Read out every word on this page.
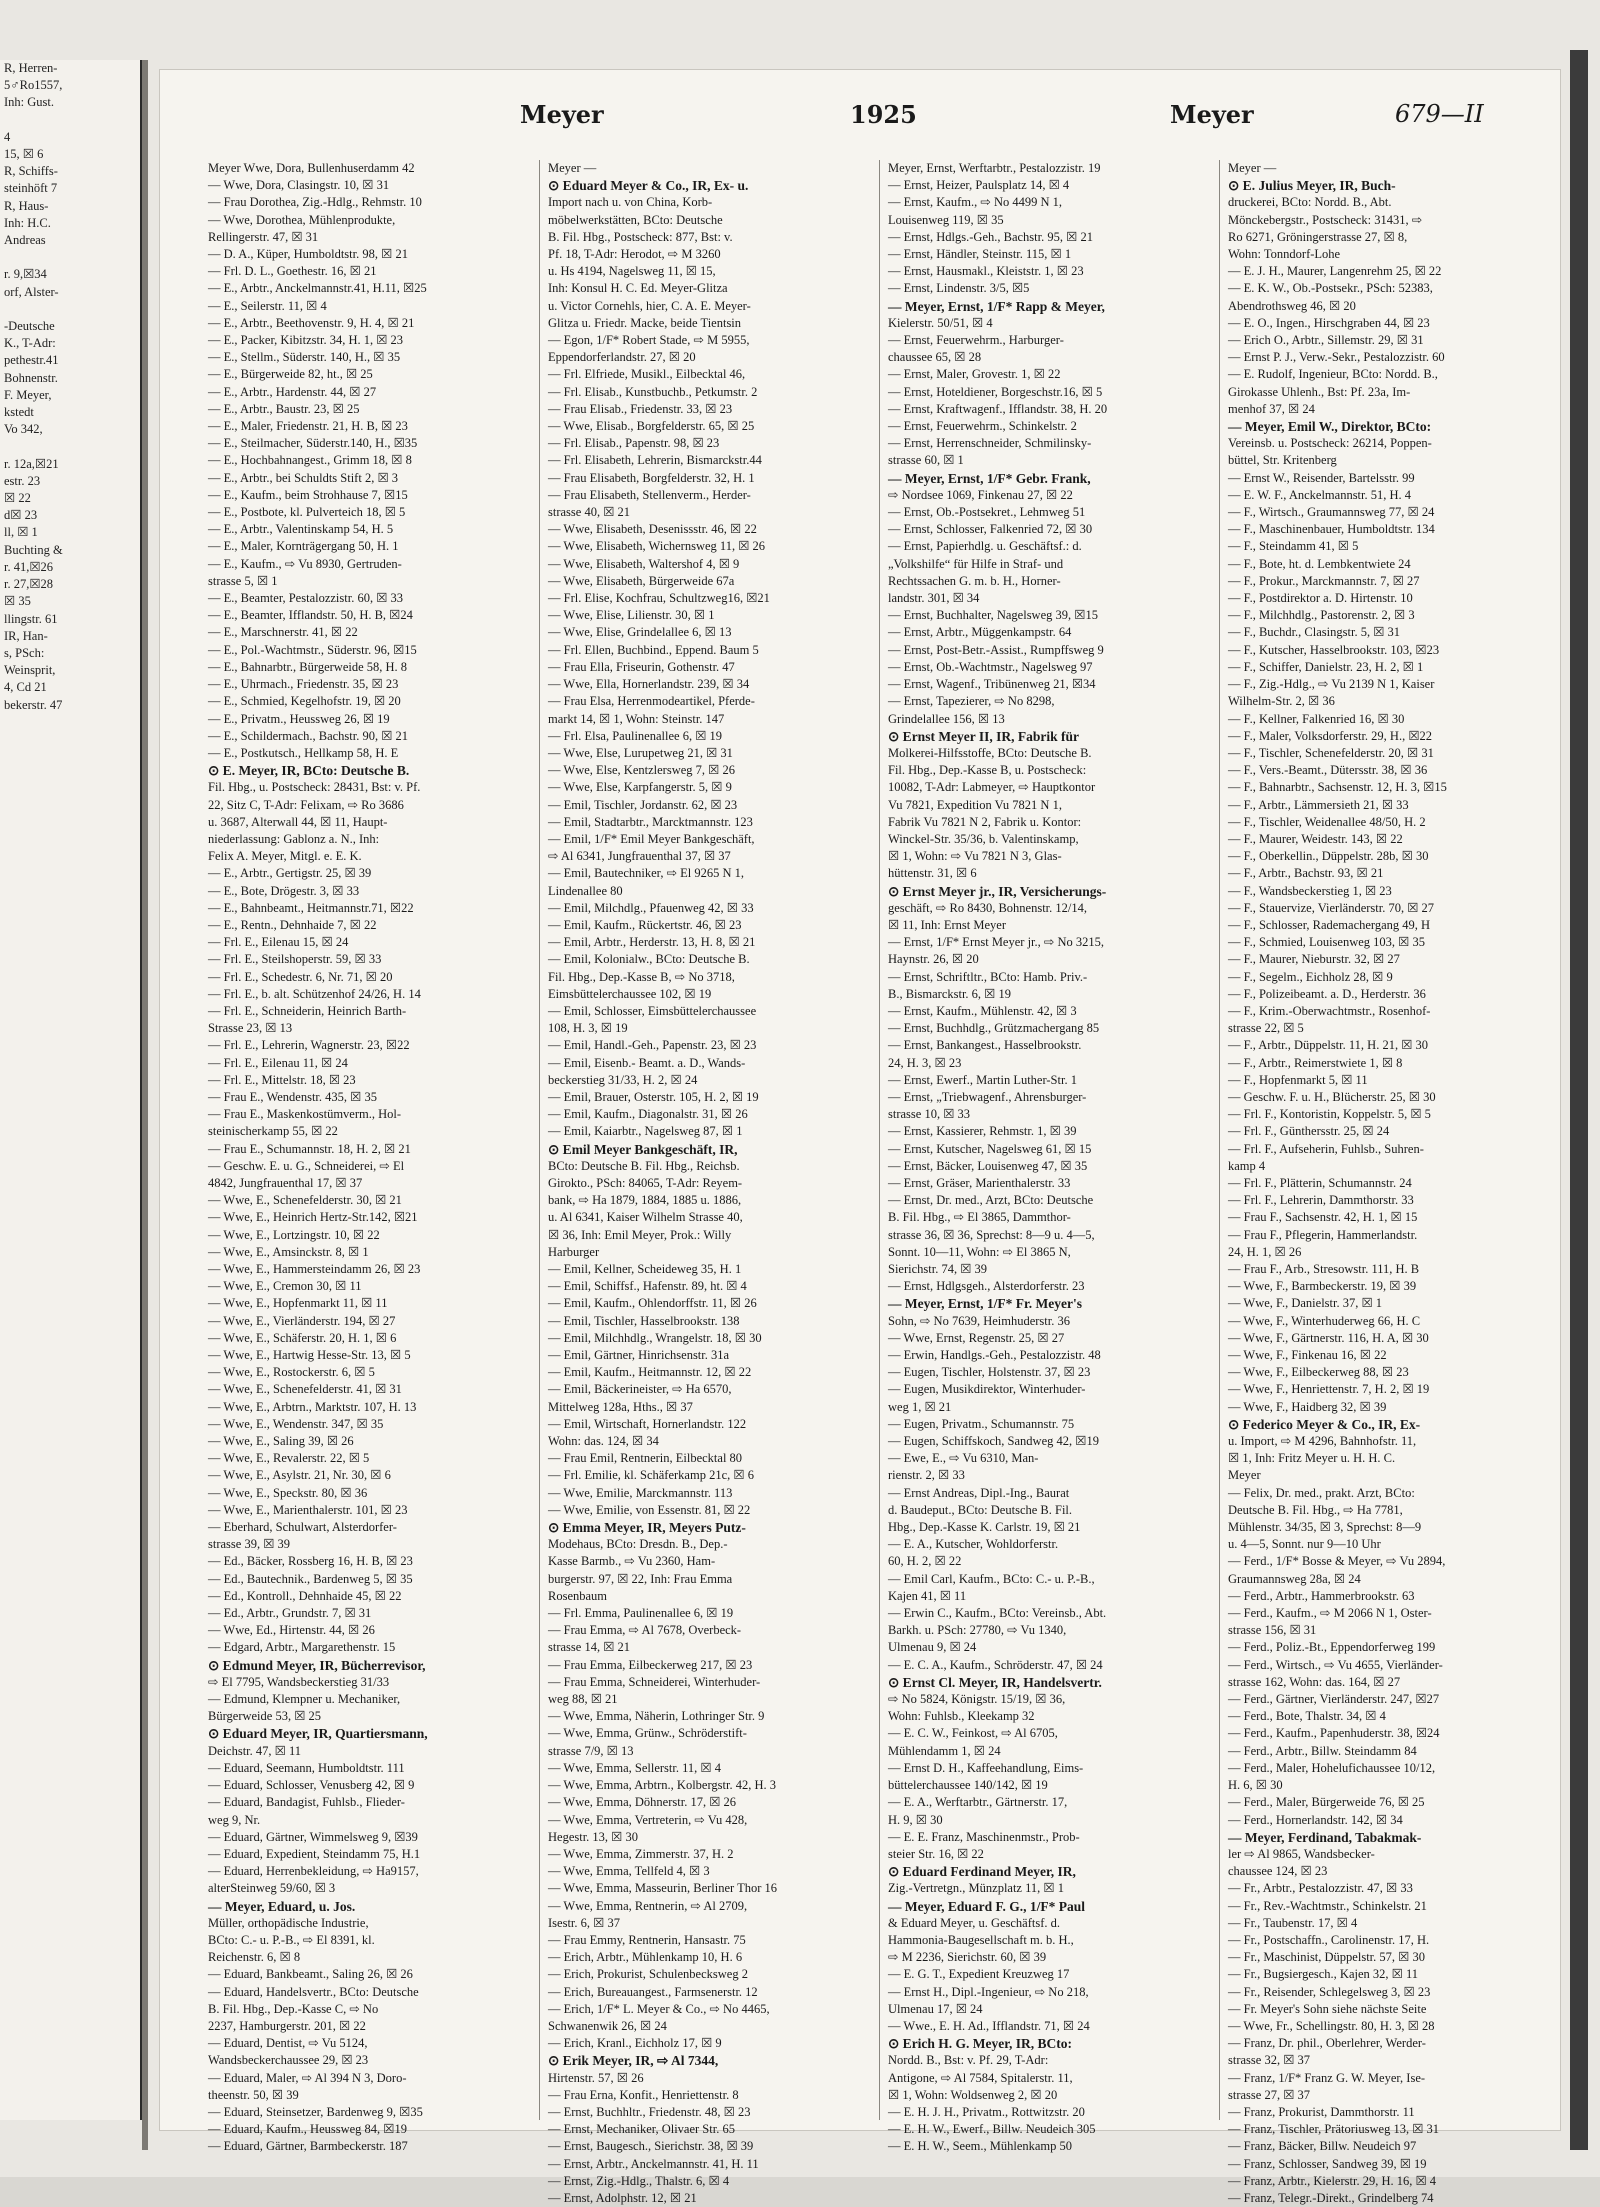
R, Herren-
5♂Ro1557,
Inh: Gust.

4
15, ☒ 6
R, Schiffs-
steinhöft 7
R, Haus-
Inh: H.C.
Andreas

r. 9,☒34
orf, Alster-

-Deutsche
K., T-Adr:
pethestr.41
Bohnenstr.
F. Meyer,
kstedt
Vo 342,

r. 12a,☒21
estr. 23
☒ 22
d☒ 23
ll, ☒ 1
Buchting &
r. 41,☒26
r. 27,☒28
☒ 35
llingstr. 61
IR, Han-
s, PSch:
Weinsprit,
4, Cd 21
bekerstr. 47
Meyer	1925	Meyer	679—II
Meyer Wwe, Dora, Bullenhuserdamm 42
— Wwe, Dora, Clasingstr. 10, ☒ 31
— Frau Dorothea, Zig.-Hdlg., Rehmstr. 10
— Wwe, Dorothea, Mühlenprodukte,
Rellingerstr. 47, ☒ 31
— D. A., Küper, Humboldtstr. 98, ☒ 21
— Frl. D. L., Goethestr. 16, ☒ 21
— E., Arbtr., Anckelmannstr.41, H.11, ☒25
— E., Seilerstr. 11, ☒ 4
— E., Arbtr., Beethovenstr. 9, H. 4, ☒ 21
— E., Packer, Kibitzstr. 34, H. 1, ☒ 23
— E., Stellm., Süderstr. 140, H., ☒ 35
— E., Bürgerweide 82, ht., ☒ 25
— E., Arbtr., Hardenstr. 44, ☒ 27
— E., Arbtr., Baustr. 23, ☒ 25
— E., Maler, Friedenstr. 21, H. B, ☒ 23
— E., Steilmacher, Süderstr.140, H., ☒35
— E., Hochbahnangest., Grimm 18, ☒ 8
— E., Arbtr., bei Schuldts Stift 2, ☒ 3
— E., Kaufm., beim Strohhause 7, ☒15
— E., Postbote, kl. Pulverteich 18, ☒ 5
— E., Arbtr., Valentinskamp 54, H. 5
— E., Maler, Kornträgergang 50, H. 1
— E., Kaufm., ⇨ Vu 8930, Gertruden-
strasse 5, ☒ 1
— E., Beamter, Pestalozzistr. 60, ☒ 33
— E., Beamter, Ifflandstr. 50, H. B, ☒24
— E., Marschnerstr. 41, ☒ 22
— E., Pol.-Wachtmstr., Süderstr. 96, ☒15
— E., Bahnarbtr., Bürgerweide 58, H. 8
— E., Uhrmach., Friedenstr. 35, ☒ 23
— E., Schmied, Kegelhofstr. 19, ☒ 20
— E., Privatm., Heussweg 26, ☒ 19
— E., Schildermach., Bachstr. 90, ☒ 21
— E., Postkutsch., Hellkamp 58, H. E
⊙ E. Meyer, IR, BCto: Deutsche B.
Fil. Hbg., u. Postscheck: 28431, Bst: v. Pf.
22, Sitz C, T-Adr: Felixam, ⇨ Ro 3686
u. 3687, Alterwall 44, ☒ 11, Haupt-
niederlassung: Gablonz a. N., Inh:
Felix A. Meyer, Mitgl. e. E. K.
— E., Arbtr., Gertigstr. 25, ☒ 39
— E., Bote, Drögestr. 3, ☒ 33
— E., Bahnbeamt., Heitmannstr.71, ☒22
— E., Rentn., Dehnhaide 7, ☒ 22
— Frl. E., Eilenau 15, ☒ 24
— Frl. E., Steilshoperstr. 59, ☒ 33
— Frl. E., Schedestr. 6, Nr. 71, ☒ 20
— Frl. E., b. alt. Schützenhof 24/26, H. 14
— Frl. E., Schneiderin, Heinrich Barth-
Strasse 23, ☒ 13
— Frl. E., Lehrerin, Wagnerstr. 23, ☒22
— Frl. E., Eilenau 11, ☒ 24
— Frl. E., Mittelstr. 18, ☒ 23
— Frau E., Wendenstr. 435, ☒ 35
— Frau E., Maskenkostümverm., Hol-
steinischerkamp 55, ☒ 22
— Frau E., Schumannstr. 18, H. 2, ☒ 21
— Geschw. E. u. G., Schneiderei, ⇨ El
4842, Jungfrauenthal 17, ☒ 37
— Wwe, E., Schenefelderstr. 30, ☒ 21
— Wwe, E., Heinrich Hertz-Str.142, ☒21
— Wwe, E., Lortzingstr. 10, ☒ 22
— Wwe, E., Amsinckstr. 8, ☒ 1
— Wwe, E., Hammersteindamm 26, ☒ 23
— Wwe, E., Cremon 30, ☒ 11
— Wwe, E., Hopfenmarkt 11, ☒ 11
— Wwe, E., Vierländerstr. 194, ☒ 27
— Wwe, E., Schäferstr. 20, H. 1, ☒ 6
— Wwe, E., Hartwig Hesse-Str. 13, ☒ 5
— Wwe, E., Rostockerstr. 6, ☒ 5
— Wwe, E., Schenefelderstr. 41, ☒ 31
— Wwe, E., Arbtrn., Marktstr. 107, H. 13
— Wwe, E., Wendenstr. 347, ☒ 35
— Wwe, E., Saling 39, ☒ 26
— Wwe, E., Revalerstr. 22, ☒ 5
— Wwe, E., Asylstr. 21, Nr. 30, ☒ 6
— Wwe, E., Speckstr. 80, ☒ 36
— Wwe, E., Marienthalerstr. 101, ☒ 23
— Eberhard, Schulwart, Alsterdorfer-
strasse 39, ☒ 39
— Ed., Bäcker, Rossberg 16, H. B, ☒ 23
— Ed., Bautechnik., Bardenweg 5, ☒ 35
— Ed., Kontroll., Dehnhaide 45, ☒ 22
— Ed., Arbtr., Grundstr. 7, ☒ 31
— Wwe, Ed., Hirtenstr. 44, ☒ 26
— Edgard, Arbtr., Margarethenstr. 15
⊙ Edmund Meyer, IR, Bücherrevisor,
⇨ El 7795, Wandsbeckerstieg 31/33
— Edmund, Klempner u. Mechaniker,
Bürgerweide 53, ☒ 25
⊙ Eduard Meyer, IR, Quartiersmann,
Deichstr. 47, ☒ 11
— Eduard, Seemann, Humboldtstr. 111
— Eduard, Schlosser, Venusberg 42, ☒ 9
— Eduard, Bandagist, Fuhlsb., Flieder-
weg 9, Nr.
— Eduard, Gärtner, Wimmelsweg 9, ☒39
— Eduard, Expedient, Steindamm 75, H.1
— Eduard, Herrenbekleidung, ⇨ Ha9157,
alterSteinweg 59/60, ☒ 3
— Meyer, Eduard, u. Jos.
Müller, orthopädische Industrie,
BCto: C.- u. P.-B., ⇨ El 8391, kl.
Reichenstr. 6, ☒ 8
— Eduard, Bankbeamt., Saling 26, ☒ 26
— Eduard, Handelsvertr., BCto: Deutsche
B. Fil. Hbg., Dep.-Kasse C, ⇨ No
2237, Hamburgerstr. 201, ☒ 22
— Eduard, Dentist, ⇨ Vu 5124,
Wandsbeckerchaussee 29, ☒ 23
— Eduard, Maler, ⇨ Al 394 N 3, Doro-
theenstr. 50, ☒ 39
— Eduard, Steinsetzer, Bardenweg 9, ☒35
— Eduard, Kaufm., Heussweg 84, ☒19
— Eduard, Gärtner, Barmbeckerstr. 187
Meyer —
⊙ Eduard Meyer & Co., IR, Ex- u.
Import nach u. von China, Korb-
möbelwerkstätten, BCto: Deutsche
B. Fil. Hbg., Postscheck: 877, Bst: v.
Pf. 18, T-Adr: Herodot, ⇨ M 3260
u. Hs 4194, Nagelsweg 11, ☒ 15,
Inh: Konsul H. C. Ed. Meyer-Glitza
u. Victor Cornehls, hier, C. A. E. Meyer-
Glitza u. Friedr. Macke, beide Tientsin
— Egon, 1/F* Robert Stade, ⇨ M 5955,
Eppendorferlandstr. 27, ☒ 20
— Frl. Elfriede, Musikl., Eilbecktal 46,
— Frl. Elisab., Kunstbuchb., Petkumstr. 2
— Frau Elisab., Friedenstr. 33, ☒ 23
— Wwe, Elisab., Borgfelderstr. 65, ☒ 25
— Frl. Elisab., Papenstr. 98, ☒ 23
— Frl. Elisabeth, Lehrerin, Bismarckstr.44
— Frau Elisabeth, Borgfelderstr. 32, H. 1
— Frau Elisabeth, Stellenverm., Herder-
strasse 40, ☒ 21
— Wwe, Elisabeth, Desenissstr. 46, ☒ 22
— Wwe, Elisabeth, Wichernsweg 11, ☒ 26
— Wwe, Elisabeth, Waltershof 4, ☒ 9
— Wwe, Elisabeth, Bürgerweide 67a
— Frl. Elise, Kochfrau, Schultzweg16, ☒21
— Wwe, Elise, Lilienstr. 30, ☒ 1
— Wwe, Elise, Grindelallee 6, ☒ 13
— Frl. Ellen, Buchbind., Eppend. Baum 5
— Frau Ella, Friseurin, Gothenstr. 47
— Wwe, Ella, Hornerlandstr. 239, ☒ 34
— Frau Elsa, Herrenmodeartikel, Pferde-
markt 14, ☒ 1, Wohn: Steinstr. 147
— Frl. Elsa, Paulinenallee 6, ☒ 19
— Wwe, Else, Lurupetweg 21, ☒ 31
— Wwe, Else, Kentzlersweg 7, ☒ 26
— Wwe, Else, Karpfangerstr. 5, ☒ 9
— Emil, Tischler, Jordanstr. 62, ☒ 23
— Emil, Stadtarbtr., Marcktmannstr. 123
— Emil, 1/F* Emil Meyer Bankgeschäft,
⇨ Al 6341, Jungfrauenthal 37, ☒ 37
— Emil, Bautechniker, ⇨ El 9265 N 1,
Lindenallee 80
— Emil, Milchdlg., Pfauenweg 42, ☒ 33
— Emil, Kaufm., Rückertstr. 46, ☒ 23
— Emil, Arbtr., Herderstr. 13, H. 8, ☒ 21
— Emil, Kolonialw., BCto: Deutsche B.
Fil. Hbg., Dep.-Kasse B, ⇨ No 3718,
Eimsbüttelerchaussee 102, ☒ 19
— Emil, Schlosser, Eimsbüttelerchaussee
108, H. 3, ☒ 19
— Emil, Handl.-Geh., Papenstr. 23, ☒ 23
— Emil, Eisenb.- Beamt. a. D., Wands-
beckerstieg 31/33, H. 2, ☒ 24
— Emil, Brauer, Osterstr. 105, H. 2, ☒ 19
— Emil, Kaufm., Diagonalstr. 31, ☒ 26
— Emil, Kaiarbtr., Nagelsweg 87, ☒ 1
⊙ Emil Meyer Bankgeschäft, IR,
BCto: Deutsche B. Fil. Hbg., Reichsb.
Girokto., PSch: 84065, T-Adr: Reyem-
bank, ⇨ Ha 1879, 1884, 1885 u. 1886,
u. Al 6341, Kaiser Wilhelm Strasse 40,
☒ 36, Inh: Emil Meyer, Prok.: Willy
Harburger
— Emil, Kellner, Scheideweg 35, H. 1
— Emil, Schiffsf., Hafenstr. 89, ht. ☒ 4
— Emil, Kaufm., Ohlendorffstr. 11, ☒ 26
— Emil, Tischler, Hasselbrookstr. 138
— Emil, Milchhdlg., Wrangelstr. 18, ☒ 30
— Emil, Gärtner, Hinrichsenstr. 31a
— Emil, Kaufm., Heitmannstr. 12, ☒ 22
— Emil, Bäckerineister, ⇨ Ha 6570,
Mittelweg 128a, Hths., ☒ 37
— Emil, Wirtschaft, Hornerlandstr. 122
Wohn: das. 124, ☒ 34
— Frau Emil, Rentnerin, Eilbecktal 80
— Frl. Emilie, kl. Schäferkamp 21c, ☒ 6
— Wwe, Emilie, Marckmannstr. 113
— Wwe, Emilie, von Essenstr. 81, ☒ 22
⊙ Emma Meyer, IR, Meyers Putz-
Modehaus, BCto: Dresdn. B., Dep.-
Kasse Barmb., ⇨ Vu 2360, Ham-
burgerstr. 97, ☒ 22, Inh: Frau Emma
Rosenbaum
— Frl. Emma, Paulinenallee 6, ☒ 19
— Frau Emma, ⇨ Al 7678, Overbeck-
strasse 14, ☒ 21
— Frau Emma, Eilbeckerweg 217, ☒ 23
— Frau Emma, Schneiderei, Winterhuder-
weg 88, ☒ 21
— Wwe, Emma, Näherin, Lothringer Str. 9
— Wwe, Emma, Grünw., Schröderstift-
strasse 7/9, ☒ 13
— Wwe, Emma, Sellerstr. 11, ☒ 4
— Wwe, Emma, Arbtrn., Kolbergstr. 42, H. 3
— Wwe, Emma, Döhnerstr. 17, ☒ 26
— Wwe, Emma, Vertreterin, ⇨ Vu 428,
Hegestr. 13, ☒ 30
— Wwe, Emma, Zimmerstr. 37, H. 2
— Wwe, Emma, Tellfeld 4, ☒ 3
— Wwe, Emma, Masseurin, Berliner Thor 16
— Wwe, Emma, Rentnerin, ⇨ Al 2709,
Isestr. 6, ☒ 37
— Frau Emmy, Rentnerin, Hansastr. 75
— Erich, Arbtr., Mühlenkamp 10, H. 6
— Erich, Prokurist, Schulenbecksweg 2
— Erich, Bureauangest., Farmsenerstr. 12
— Erich, 1/F* L. Meyer & Co., ⇨ No 4465,
Schwanenwik 26, ☒ 24
— Erich, Kranl., Eichholz 17, ☒ 9
⊙ Erik Meyer, IR, ⇨ Al 7344,
Hirtenstr. 57, ☒ 26
— Frau Erna, Konfit., Henriettenstr. 8
— Ernst, Buchhltr., Friedenstr. 48, ☒ 23
— Ernst, Mechaniker, Olivaer Str. 65
— Ernst, Baugesch., Sierichstr. 38, ☒ 39
— Ernst, Arbtr., Anckelmannstr. 41, H. 11
— Ernst, Zig.-Hdlg., Thalstr. 6, ☒ 4
— Ernst, Adolphstr. 12, ☒ 21
Meyer, Ernst, Werftarbtr., Pestalozzistr. 19
— Ernst, Heizer, Paulsplatz 14, ☒ 4
— Ernst, Kaufm., ⇨ No 4499 N 1,
Louisenweg 119, ☒ 35
— Ernst, Hdlgs.-Geh., Bachstr. 95, ☒ 21
— Ernst, Händler, Steinstr. 115, ☒ 1
— Ernst, Hausmakl., Kleiststr. 1, ☒ 23
— Ernst, Lindenstr. 3/5, ☒5
— Meyer, Ernst, 1/F* Rapp & Meyer,
Kielerstr. 50/51, ☒ 4
— Ernst, Feuerwehrm., Harburger-
chaussee 65, ☒ 28
— Ernst, Maler, Grovestr. 1, ☒ 22
— Ernst, Hoteldiener, Borgeschstr.16, ☒ 5
— Ernst, Kraftwagenf., Ifflandstr. 38, H. 20
— Ernst, Feuerwehrm., Schinkelstr. 2
— Ernst, Herrenschneider, Schmilinsky-
strasse 60, ☒ 1
— Meyer, Ernst, 1/F* Gebr. Frank,
⇨ Nordsee 1069, Finkenau 27, ☒ 22
— Ernst, Ob.-Postsekret., Lehmweg 51
— Ernst, Schlosser, Falkenried 72, ☒ 30
— Ernst, Papierhdlg. u. Geschäftsf.: d.
„Volkshilfe“ für Hilfe in Straf- und
Rechtssachen G. m. b. H., Horner-
landstr. 301, ☒ 34
— Ernst, Buchhalter, Nagelsweg 39, ☒15
— Ernst, Arbtr., Müggenkampstr. 64
— Ernst, Post-Betr.-Assist., Rumpffsweg 9
— Ernst, Ob.-Wachtmstr., Nagelsweg 97
— Ernst, Wagenf., Tribünenweg 21, ☒34
— Ernst, Tapezierer, ⇨ No 8298,
Grindelallee 156, ☒ 13
⊙ Ernst Meyer II, IR, Fabrik für
Molkerei-Hilfsstoffe, BCto: Deutsche B.
Fil. Hbg., Dep.-Kasse B, u. Postscheck:
10082, T-Adr: Labmeyer, ⇨ Hauptkontor
Vu 7821, Expedition Vu 7821 N 1,
Fabrik Vu 7821 N 2, Fabrik u. Kontor:
Winckel-Str. 35/36, b. Valentinskamp,
☒ 1, Wohn: ⇨ Vu 7821 N 3, Glas-
hüttenstr. 31, ☒ 6
⊙ Ernst Meyer jr., IR, Versicherungs-
geschäft, ⇨ Ro 8430, Bohnenstr. 12/14,
☒ 11, Inh: Ernst Meyer
— Ernst, 1/F* Ernst Meyer jr., ⇨ No 3215,
Haynstr. 26, ☒ 20
— Ernst, Schriftltr., BCto: Hamb. Priv.-
B., Bismarckstr. 6, ☒ 19
— Ernst, Kaufm., Mühlenstr. 42, ☒ 3
— Ernst, Buchhdlg., Grützmachergang 85
— Ernst, Bankangest., Hasselbrookstr.
24, H. 3, ☒ 23
— Ernst, Ewerf., Martin Luther-Str. 1
— Ernst, „Triebwagenf., Ahrensburger-
strasse 10, ☒ 33
— Ernst, Kassierer, Rehmstr. 1, ☒ 39
— Ernst, Kutscher, Nagelsweg 61, ☒ 15
— Ernst, Bäcker, Louisenweg 47, ☒ 35
— Ernst, Gräser, Marienthalerstr. 33
— Ernst, Dr. med., Arzt, BCto: Deutsche
B. Fil. Hbg., ⇨ El 3865, Dammthor-
strasse 36, ☒ 36, Sprechst: 8—9 u. 4—5,
Sonnt. 10—11, Wohn: ⇨ El 3865 N,
Sierichstr. 74, ☒ 39
— Ernst, Hdlgsgeh., Alsterdorferstr. 23
— Meyer, Ernst, 1/F* Fr. Meyer's
Sohn, ⇨ No 7639, Heimhuderstr. 36
— Wwe, Ernst, Regenstr. 25, ☒ 27
— Erwin, Handlgs.-Geh., Pestalozzistr. 48
— Eugen, Tischler, Holstenstr. 37, ☒ 23
— Eugen, Musikdirektor, Winterhuder-
weg 1, ☒ 21
— Eugen, Privatm., Schumannstr. 75
— Eugen, Schiffskoch, Sandweg 42, ☒19
— Ewe, E., ⇨ Vu 6310, Man-
rienstr. 2, ☒ 33
— Ernst Andreas, Dipl.-Ing., Baurat
d. Baudeput., BCto: Deutsche B. Fil.
Hbg., Dep.-Kasse K. Carlstr. 19, ☒ 21
— E. A., Kutscher, Wohldorferstr.
60, H. 2, ☒ 22
— Emil Carl, Kaufm., BCto: C.- u. P.-B.,
Kajen 41, ☒ 11
— Erwin C., Kaufm., BCto: Vereinsb., Abt.
Barkh. u. PSch: 27780, ⇨ Vu 1340,
Ulmenau 9, ☒ 24
— E. C. A., Kaufm., Schröderstr. 47, ☒ 24
⊙ Ernst Cl. Meyer, IR, Handelsvertr.
⇨ No 5824, Königstr. 15/19, ☒ 36,
Wohn: Fuhlsb., Kleekamp 32
— E. C. W., Feinkost, ⇨ Al 6705,
Mühlendamm 1, ☒ 24
— Ernst D. H., Kaffeehandlung, Eims-
büttelerchaussee 140/142, ☒ 19
— E. A., Werftarbtr., Gärtnerstr. 17,
H. 9, ☒ 30
— E. E. Franz, Maschinenmstr., Prob-
steier Str. 16, ☒ 22
⊙ Eduard Ferdinand Meyer, IR,
Zig.-Vertretgn., Münzplatz 11, ☒ 1
— Meyer, Eduard F. G., 1/F* Paul
& Eduard Meyer, u. Geschäftsf. d.
Hammonia-Baugesellschaft m. b. H.,
⇨ M 2236, Sierichstr. 60, ☒ 39
— E. G. T., Expedient Kreuzweg 17
— Ernst H., Dipl.-Ingenieur, ⇨ No 218,
Ulmenau 17, ☒ 24
— Wwe., E. H. Ad., Ifflandstr. 71, ☒ 24
⊙ Erich H. G. Meyer, IR, BCto:
Nordd. B., Bst: v. Pf. 29, T-Adr:
Antigone, ⇨ Al 7584, Spitalerstr. 11,
☒ 1, Wohn: Woldsenweg 2, ☒ 20
— E. H. J. H., Privatm., Rottwitzstr. 20
— E. H. W., Ewerf., Billw. Neudeich 305
— E. H. W., Seem., Mühlenkamp 50
Meyer —
⊙ E. Julius Meyer, IR, Buch-
druckerei, BCto: Nordd. B., Abt.
Mönckebergstr., Postscheck: 31431, ⇨
Ro 6271, Gröningerstrasse 27, ☒ 8,
Wohn: Tonndorf-Lohe
— E. J. H., Maurer, Langenrehm 25, ☒ 22
— E. K. W., Ob.-Postsekr., PSch: 52383,
Abendrothsweg 46, ☒ 20
— E. O., Ingen., Hirschgraben 44, ☒ 23
— Erich O., Arbtr., Sillemstr. 29, ☒ 31
— Ernst P. J., Verw.-Sekr., Pestalozzistr. 60
— E. Rudolf, Ingenieur, BCto: Nordd. B.,
Girokasse Uhlenh., Bst: Pf. 23a, Im-
menhof 37, ☒ 24
— Meyer, Emil W., Direktor, BCto:
Vereinsb. u. Postscheck: 26214, Poppen-
büttel, Str. Kritenberg
— Ernst W., Reisender, Bartelsstr. 99
— E. W. F., Anckelmannstr. 51, H. 4
— F., Wirtsch., Graumannsweg 77, ☒ 24
— F., Maschinenbauer, Humboldtstr. 134
— F., Steindamm 41, ☒ 5
— F., Bote, ht. d. Lembkentwiete 24
— F., Prokur., Marckmannstr. 7, ☒ 27
— F., Postdirektor a. D. Hirtenstr. 10
— F., Milchhdlg., Pastorenstr. 2, ☒ 3
— F., Buchdr., Clasingstr. 5, ☒ 31
— F., Kutscher, Hasselbrookstr. 103, ☒23
— F., Schiffer, Danielstr. 23, H. 2, ☒ 1
— F., Zig.-Hdlg., ⇨ Vu 2139 N 1, Kaiser
Wilhelm-Str. 2, ☒ 36
— F., Kellner, Falkenried 16, ☒ 30
— F., Maler, Volksdorferstr. 29, H., ☒22
— F., Tischler, Schenefelderstr. 20, ☒ 31
— F., Vers.-Beamt., Dütersstr. 38, ☒ 36
— F., Bahnarbtr., Sachsenstr. 12, H. 3, ☒15
— F., Arbtr., Lämmersieth 21, ☒ 33
— F., Tischler, Weidenallee 48/50, H. 2
— F., Maurer, Weidestr. 143, ☒ 22
— F., Oberkellin., Düppelstr. 28b, ☒ 30
— F., Arbtr., Bachstr. 93, ☒ 21
— F., Wandsbeckerstieg 1, ☒ 23
— F., Stauervize, Vierländerstr. 70, ☒ 27
— F., Schlosser, Rademachergang 49, H
— F., Schmied, Louisenweg 103, ☒ 35
— F., Maurer, Nieburstr. 32, ☒ 27
— F., Segelm., Eichholz 28, ☒ 9
— F., Polizeibeamt. a. D., Herderstr. 36
— F., Krim.-Oberwachtmstr., Rosenhof-
strasse 22, ☒ 5
— F., Arbtr., Düppelstr. 11, H. 21, ☒ 30
— F., Arbtr., Reimerstwiete 1, ☒ 8
— F., Hopfenmarkt 5, ☒ 11
— Geschw. F. u. H., Blücherstr. 25, ☒ 30
— Frl. F., Kontoristin, Koppelstr. 5, ☒ 5
— Frl. F., Günthersstr. 25, ☒ 24
— Frl. F., Aufseherin, Fuhlsb., Suhren-
kamp 4
— Frl. F., Plätterin, Schumannstr. 24
— Frl. F., Lehrerin, Dammthorstr. 33
— Frau F., Sachsenstr. 42, H. 1, ☒ 15
— Frau F., Pflegerin, Hammerlandstr.
24, H. 1, ☒ 26
— Frau F., Arb., Stresowstr. 111, H. B
— Wwe, F., Barmbeckerstr. 19, ☒ 39
— Wwe, F., Danielstr. 37, ☒ 1
— Wwe, F., Winterhuderweg 66, H. C
— Wwe, F., Gärtnerstr. 116, H. A, ☒ 30
— Wwe, F., Finkenau 16, ☒ 22
— Wwe, F., Eilbeckerweg 88, ☒ 23
— Wwe, F., Henriettenstr. 7, H. 2, ☒ 19
— Wwe, F., Haidberg 32, ☒ 39
⊙ Federico Meyer & Co., IR, Ex-
u. Import, ⇨ M 4296, Bahnhofstr. 11,
☒ 1, Inh: Fritz Meyer u. H. H. C.
Meyer
— Felix, Dr. med., prakt. Arzt, BCto:
Deutsche B. Fil. Hbg., ⇨ Ha 7781,
Mühlenstr. 34/35, ☒ 3, Sprechst: 8—9
u. 4—5, Sonnt. nur 9—10 Uhr
— Ferd., 1/F* Bosse & Meyer, ⇨ Vu 2894,
Graumannsweg 28a, ☒ 24
— Ferd., Arbtr., Hammerbrookstr. 63
— Ferd., Kaufm., ⇨ M 2066 N 1, Oster-
strasse 156, ☒ 31
— Ferd., Poliz.-Bt., Eppendorferweg 199
— Ferd., Wirtsch., ⇨ Vu 4655, Vierländer-
strasse 162, Wohn: das. 164, ☒ 27
— Ferd., Gärtner, Vierländerstr. 247, ☒27
— Ferd., Bote, Thalstr. 34, ☒ 4
— Ferd., Kaufm., Papenhuderstr. 38, ☒24
— Ferd., Arbtr., Billw. Steindamm 84
— Ferd., Maler, Hohelufichaussee 10/12,
H. 6, ☒ 30
— Ferd., Maler, Bürgerweide 76, ☒ 25
— Ferd., Hornerlandstr. 142, ☒ 34
— Meyer, Ferdinand, Tabakmak-
ler ⇨ Al 9865, Wandsbecker-
chaussee 124, ☒ 23
— Fr., Arbtr., Pestalozzistr. 47, ☒ 33
— Fr., Rev.-Wachtmstr., Schinkelstr. 21
— Fr., Taubenstr. 17, ☒ 4
— Fr., Postschaffn., Carolinenstr. 17, H.
— Fr., Maschinist, Düppelstr. 57, ☒ 30
— Fr., Bugsiergesch., Kajen 32, ☒ 11
— Fr., Reisender, Schlegelsweg 3, ☒ 23
— Fr. Meyer's Sohn siehe nächste Seite
— Wwe, Fr., Schellingstr. 80, H. 3, ☒ 28
— Franz, Dr. phil., Oberlehrer, Werder-
strasse 32, ☒ 37
— Franz, 1/F* Franz G. W. Meyer, Ise-
strasse 27, ☒ 37
— Franz, Prokurist, Dammthorstr. 11
— Franz, Tischler, Prätoriusweg 13, ☒ 31
— Franz, Bäcker, Billw. Neudeich 97
— Franz, Schlosser, Sandweg 39, ☒ 19
— Franz, Arbtr., Kielerstr. 29, H. 16, ☒ 4
— Franz, Telegr.-Direkt., Grindelberg 74
